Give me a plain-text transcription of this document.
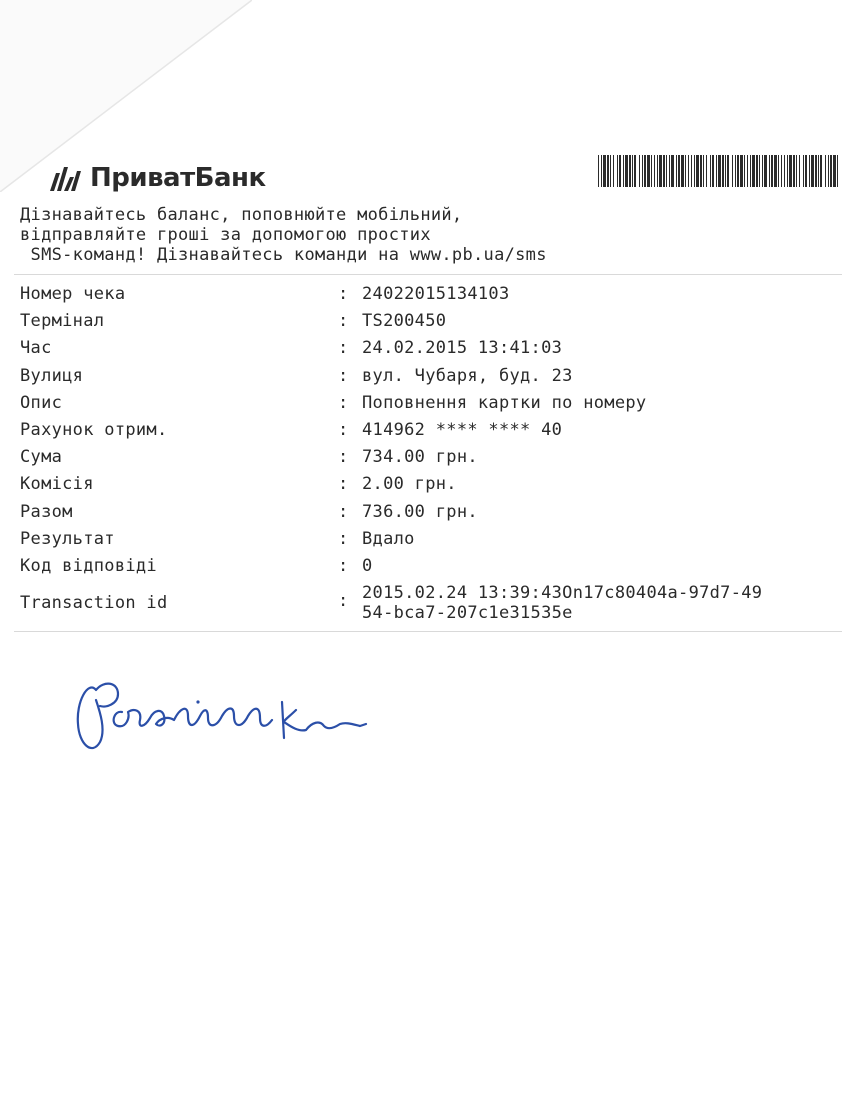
ПриватБанк
Дізнавайтесь баланс, поповнюйте мобільний,
відправляйте гроші за допомогою простих
SMS-команд! Дізнавайтесь команди на www.pb.ua/sms
Номер чека	: 24022015134103
Термінал	: TS200450
Час	: 24.02.2015 13:41:03
Вулиця	: вул. Чубаря, буд. 23
Опис	: Поповнення картки по номеру
Рахунок отрим.	: 414962 **** **** 40
Сума	: 734.00 грн.
Комісія	: 2.00 грн.
Разом	: 736.00 грн.
Результат	: Вдало
Код відповіді	: 0
Transaction id	: 2015.02.24 13:39:43On17c80404a-97d7-4954-bca7-207c1e31535e
